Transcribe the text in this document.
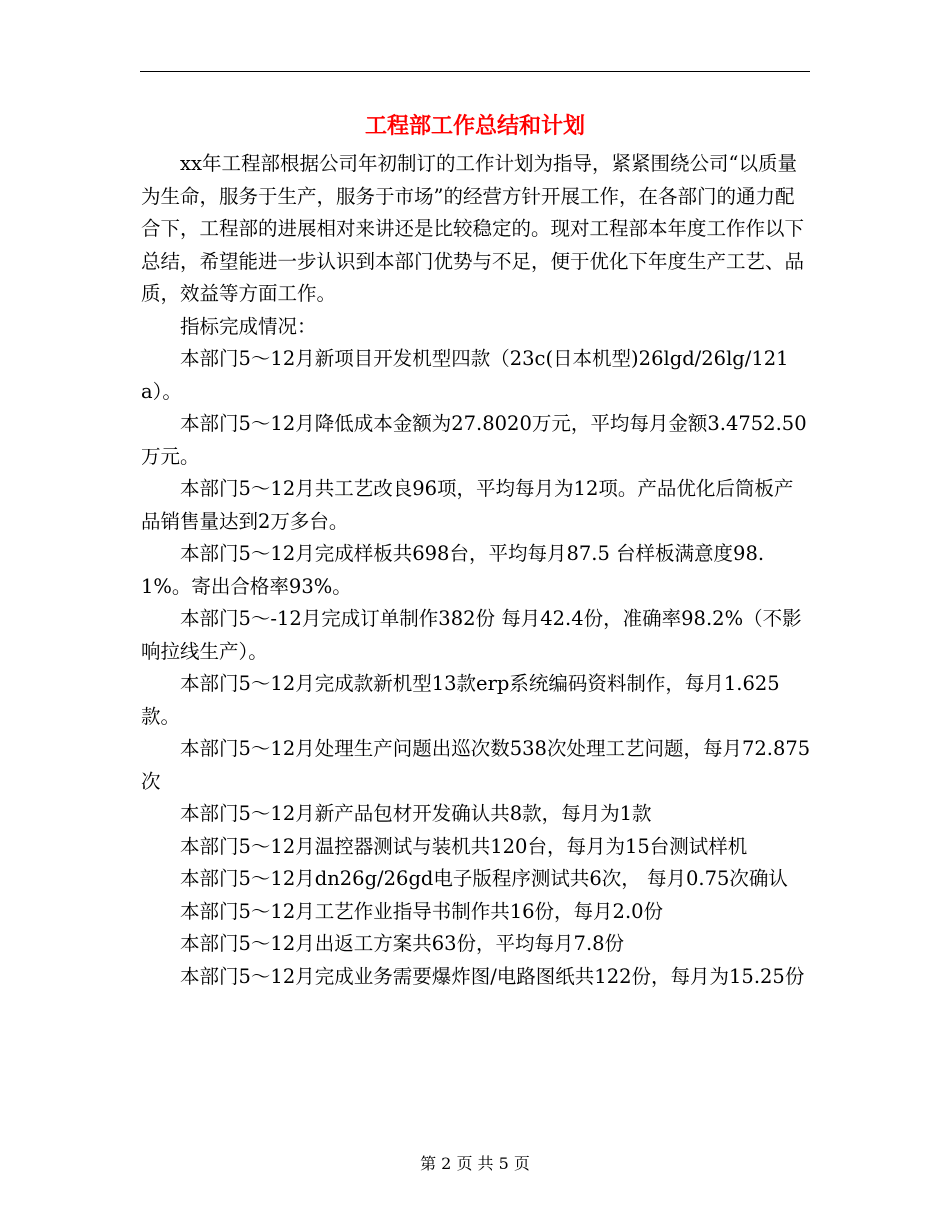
工程部工作总结和计划

xx年工程部根据公司年初制订的工作计划为指导，紧紧围绕公司“以质量为生命，服务于生产，服务于市场”的经营方针开展工作，在各部门的通力配合下，工程部的进展相对来讲还是比较稳定的。现对工程部本年度工作作以下总结，希望能进一步认识到本部门优势与不足，便于优化下年度生产工艺、品质，效益等方面工作。

指标完成情况：

本部门5～12月新项目开发机型四款（23c(日本机型)26lgd/26lg/121a）。

本部门5～12月降低成本金额为27.8020万元，平均每月金额3.4752.50万元。

本部门5～12月共工艺改良96项，平均每月为12项。产品优化后筒板产品销售量达到2万多台。

本部门5～12月完成样板共698台，平均每月87.5 台样板满意度98.1%。寄出合格率93%。

本部门5～-12月完成订单制作382份 每月42.4份，准确率98.2%（不影响拉线生产）。

本部门5～12月完成款新机型13款erp系统编码资料制作，每月1.625款。

本部门5～12月处理生产问题出巡次数538次处理工艺问题，每月72.875次

本部门5～12月新产品包材开发确认共8款，每月为1款

本部门5～12月温控器测试与装机共120台，每月为15台测试样机

本部门5～12月dn26g/26gd电子版程序测试共6次， 每月0.75次确认

本部门5～12月工艺作业指导书制作共16份，每月2.0份

本部门5～12月出返工方案共63份，平均每月7.8份

本部门5～12月完成业务需要爆炸图/电路图纸共122份，每月为15.25份

第 2 页 共 5 页
